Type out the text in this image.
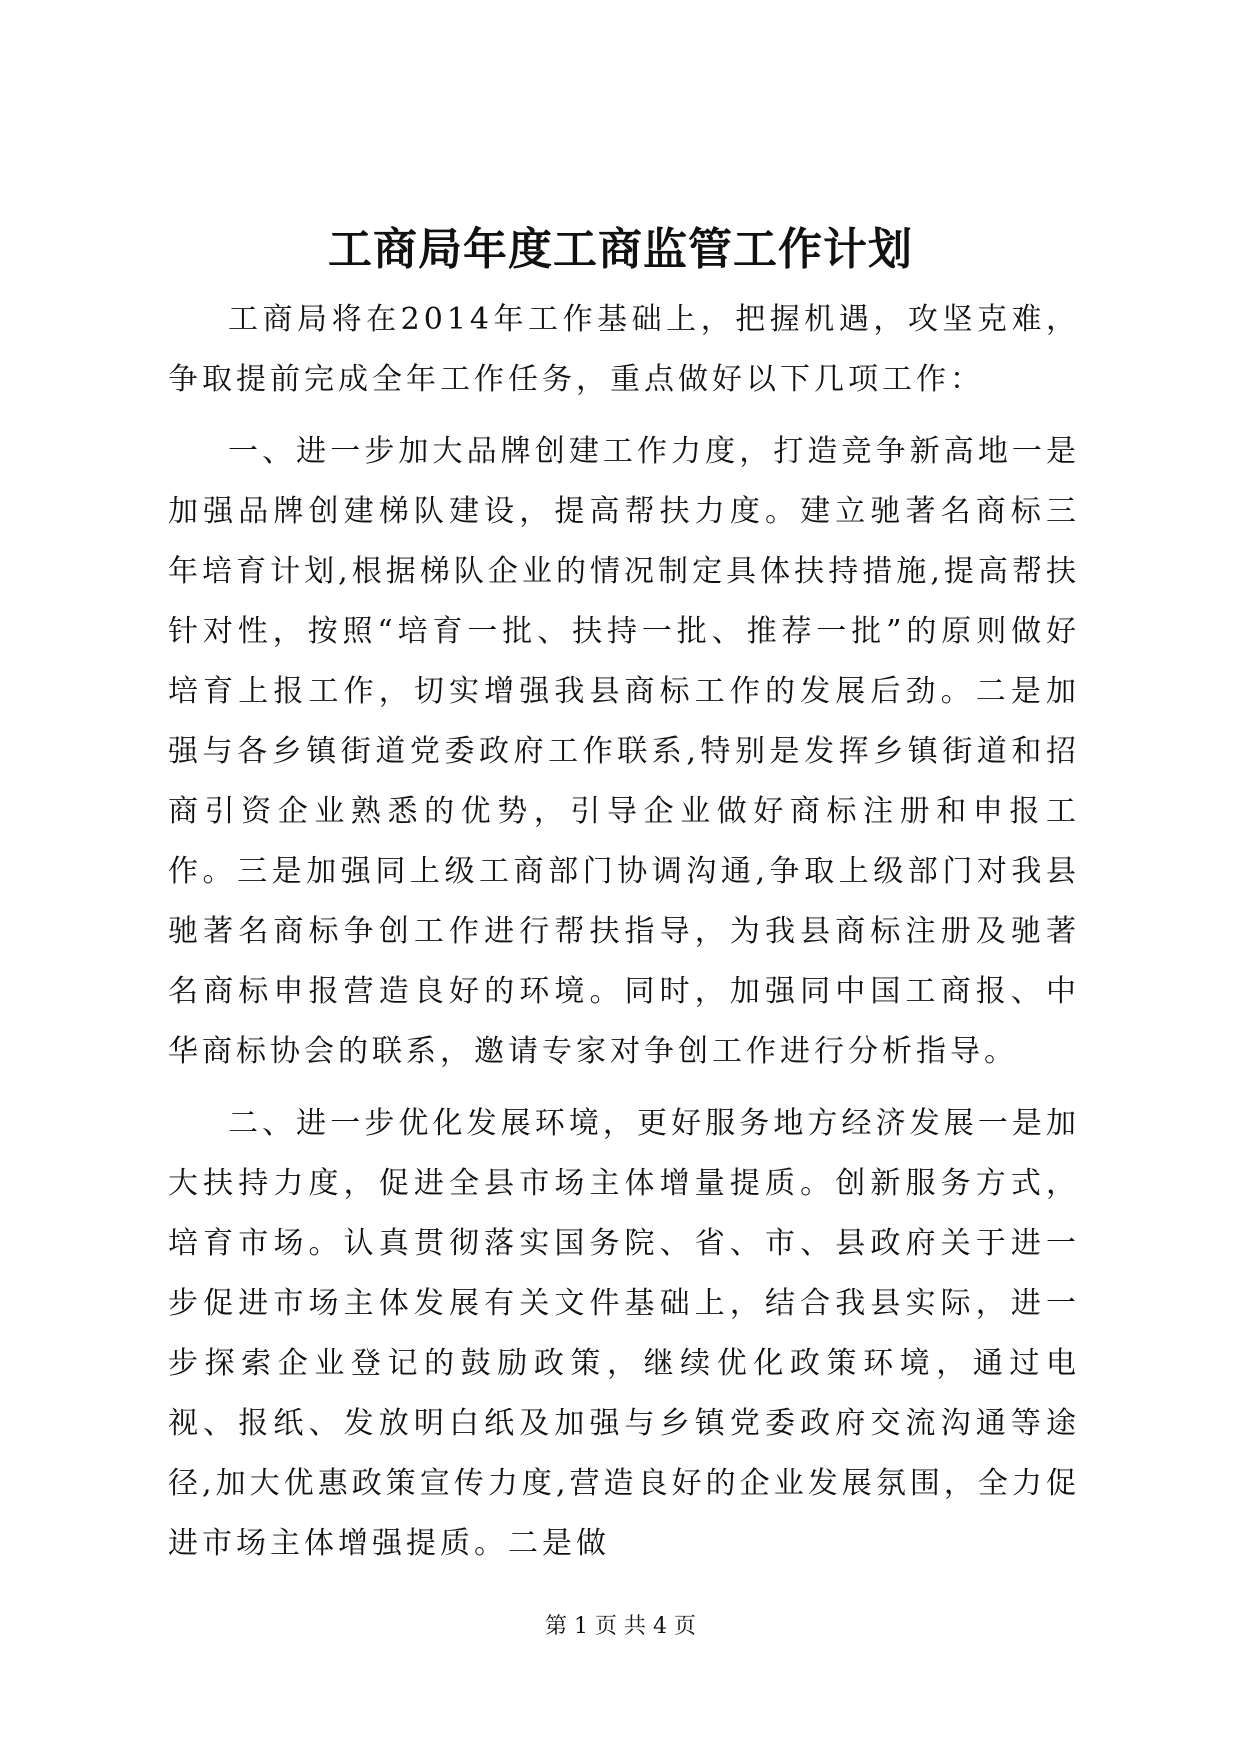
工商局年度工商监管工作计划

工商局将在2014年工作基础上，把握机遇，攻坚克难，争取提前完成全年工作任务，重点做好以下几项工作：

一、进一步加大品牌创建工作力度，打造竞争新高地一是加强品牌创建梯队建设，提高帮扶力度。建立驰著名商标三年培育计划,根据梯队企业的情况制定具体扶持措施,提高帮扶针对性，按照“培育一批、扶持一批、推荐一批”的原则做好培育上报工作，切实增强我县商标工作的发展后劲。二是加强与各乡镇街道党委政府工作联系,特别是发挥乡镇街道和招商引资企业熟悉的优势，引导企业做好商标注册和申报工作。三是加强同上级工商部门协调沟通,争取上级部门对我县驰著名商标争创工作进行帮扶指导，为我县商标注册及驰著名商标申报营造良好的环境。同时，加强同中国工商报、中华商标协会的联系，邀请专家对争创工作进行分析指导。

二、进一步优化发展环境，更好服务地方经济发展一是加大扶持力度，促进全县市场主体增量提质。创新服务方式，培育市场。认真贯彻落实国务院、省、市、县政府关于进一步促进市场主体发展有关文件基础上，结合我县实际，进一步探索企业登记的鼓励政策，继续优化政策环境，通过电视、报纸、发放明白纸及加强与乡镇党委政府交流沟通等途径,加大优惠政策宣传力度,营造良好的企业发展氛围，全力促进市场主体增强提质。二是做

第 1 页 共 4 页
